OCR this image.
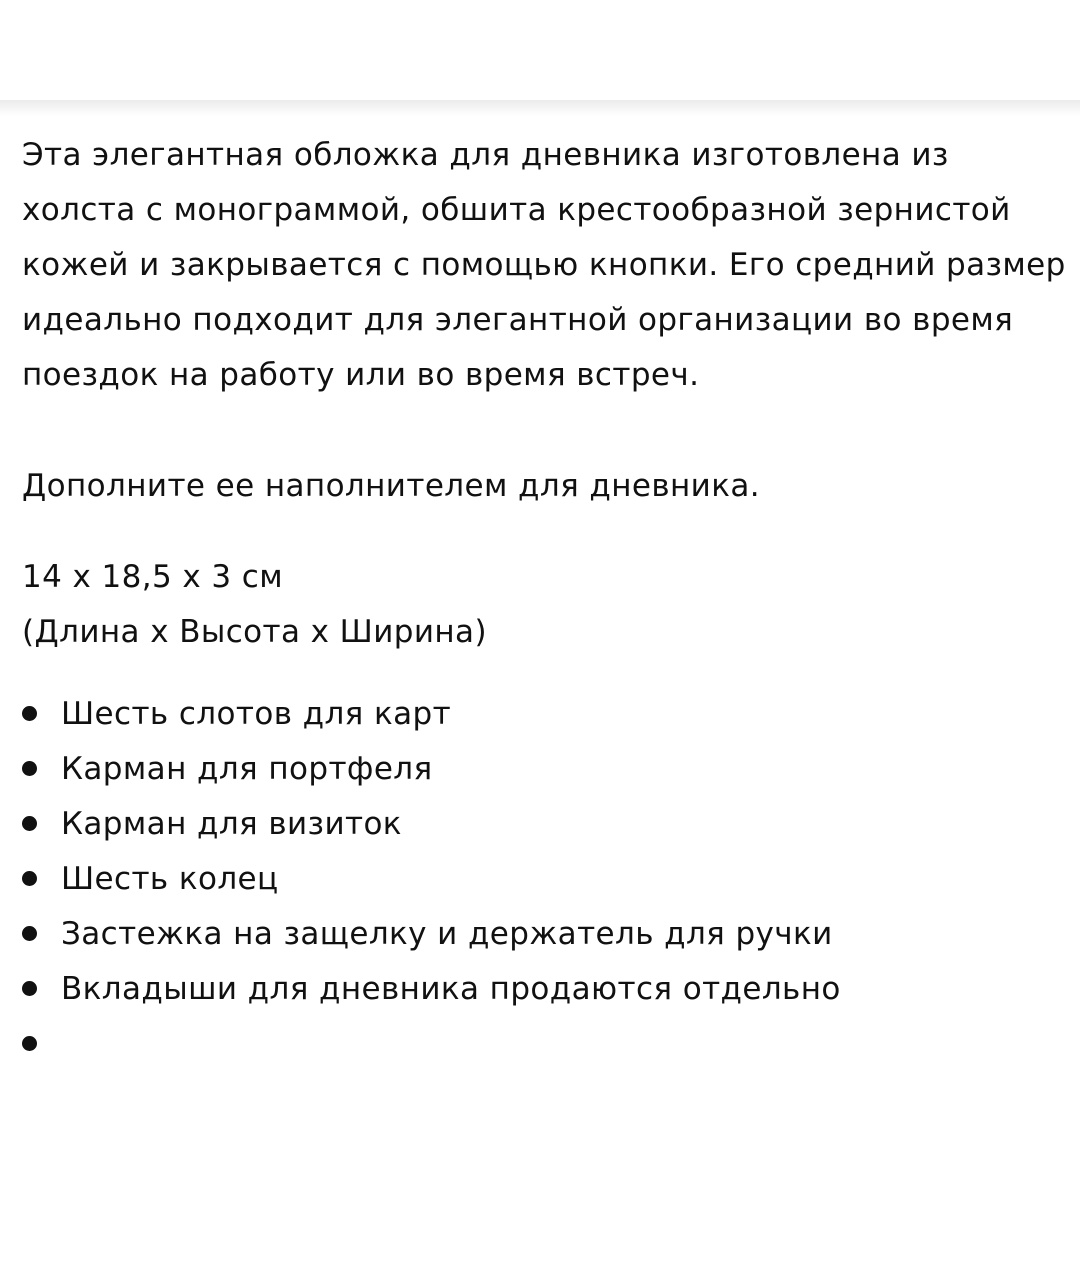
Эта элегантная обложка для дневника изготовлена из холста с монограммой, обшита крестообразной зернистой кожей и закрывается с помощью кнопки. Его средний размер идеально подходит для элегантной организации во время поездок на работу или во время встреч.

Дополните ее наполнителем для дневника.

14 x 18,5 x 3 см

(Длина x Высота x Ширина)

Шесть слотов для карт
Карман для портфеля
Карман для визиток
Шесть колец
Застежка на защелку и держатель для ручки
Вкладыши для дневника продаются отдельно
